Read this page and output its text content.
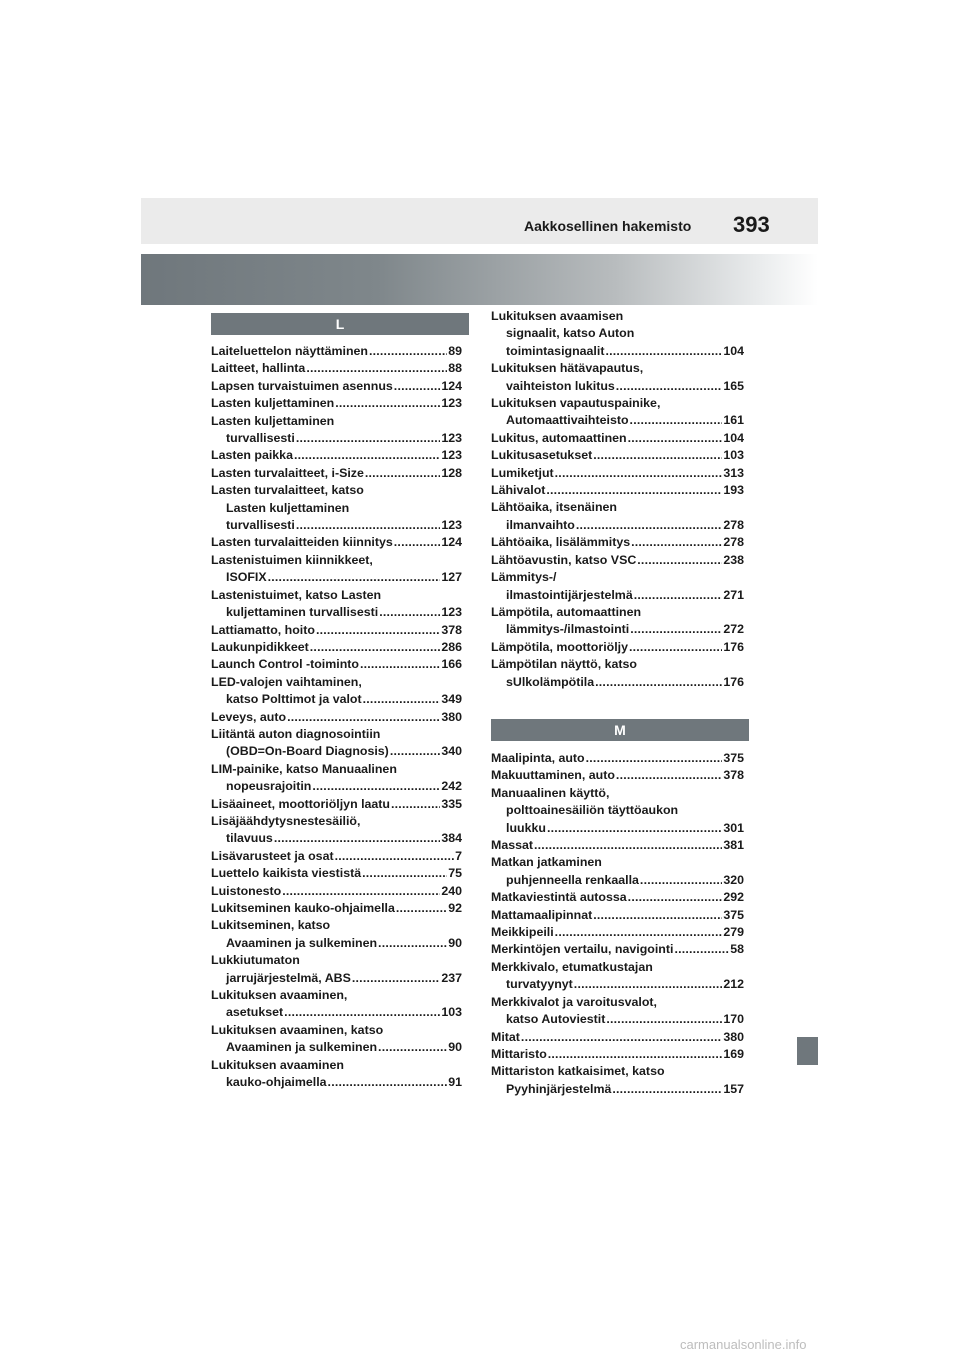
Aakkosellinen hakemisto 393
L
Laiteluettelon näyttäminen .....	89
Laitteet, hallinta .....	88
Lapsen turvaistuimen asennus .....	124
Lasten kuljettaminen .....	123
Lasten kuljettaminen
turvallisesti .....	123
Lasten paikka .....	123
Lasten turvalaitteet, i-Size .....	128
Lasten turvalaitteet, katso
Lasten kuljettaminen
turvallisesti .....	123
Lasten turvalaitteiden kiinnitys .....	124
Lastenistuimen kiinnikkeet,
ISOFIX .....	127
Lastenistuimet, katso Lasten
kuljettaminen turvallisesti .....	123
Lattiamatto, hoito .....	378
Laukunpidikkeet .....	286
Launch Control -toiminto .....	166
LED-valojen vaihtaminen,
katso Polttimot ja valot .....	349
Leveys, auto .....	380
Liitäntä auton diagnosointiin
(OBD=On-Board Diagnosis) .....	340
LIM-painike, katso Manuaalinen
nopeusrajoitin .....	242
Lisäaineet, moottoriöljyn laatu .....	335
Lisäjäähdytysnestesäiliö,
tilavuus .....	384
Lisävarusteet ja osat .....	7
Luettelo kaikista viestistä .....	75
Luistonesto .....	240
Lukitseminen kauko-ohjaimella .....	92
Lukitseminen, katso
Avaaminen ja sulkeminen .....	90
Lukkiutumaton
jarrujärjestelmä, ABS .....	237
Lukituksen avaaminen,
asetukset .....	103
Lukituksen avaaminen, katso
Avaaminen ja sulkeminen .....	90
Lukituksen avaaminen
kauko-ohjaimella .....	91
Lukituksen avaamisen
signaalit, katso Auton
toimintasignaalit .....	104
Lukituksen hätävapautus,
vaihteiston lukitus .....	165
Lukituksen vapautuspainike,
Automaattivaihteisto .....	161
Lukitus, automaattinen .....	104
Lukitusasetukset .....	103
Lumiketjut .....	313
Lähivalot .....	193
Lähtöaika, itsenäinen
ilmanvaihto .....	278
Lähtöaika, lisälämmitys .....	278
Lähtöavustin, katso VSC .....	238
Lämmitys-/
ilmastointijärjestelmä .....	271
Lämpötila, automaattinen
lämmitys-/ilmastointi .....	272
Lämpötila, moottoriöljy .....	176
Lämpötilan näyttö, katso
sUlkolämpötila .....	176
M
Maalipinta, auto .....	375
Makuuttaminen, auto .....	378
Manuaalinen käyttö,
polttoainesäiliön täyttöaukon
luukku .....	301
Massat .....	381
Matkan jatkaminen
puhjenneella renkaalla .....	320
Matkaviestintä autossa .....	292
Mattamaalipinnat .....	375
Meikkipeili .....	279
Merkintöjen vertailu, navigointi .....	58
Merkkivalo, etumatkustajan
turvatyynyt .....	212
Merkkivalot ja varoitusvalot,
katso Autoviestit .....	170
Mitat .....	380
Mittaristo .....	169
Mittariston katkaisimet, katso
Pyyhinjärjestelmä .....	157
carmanualsonline.info
